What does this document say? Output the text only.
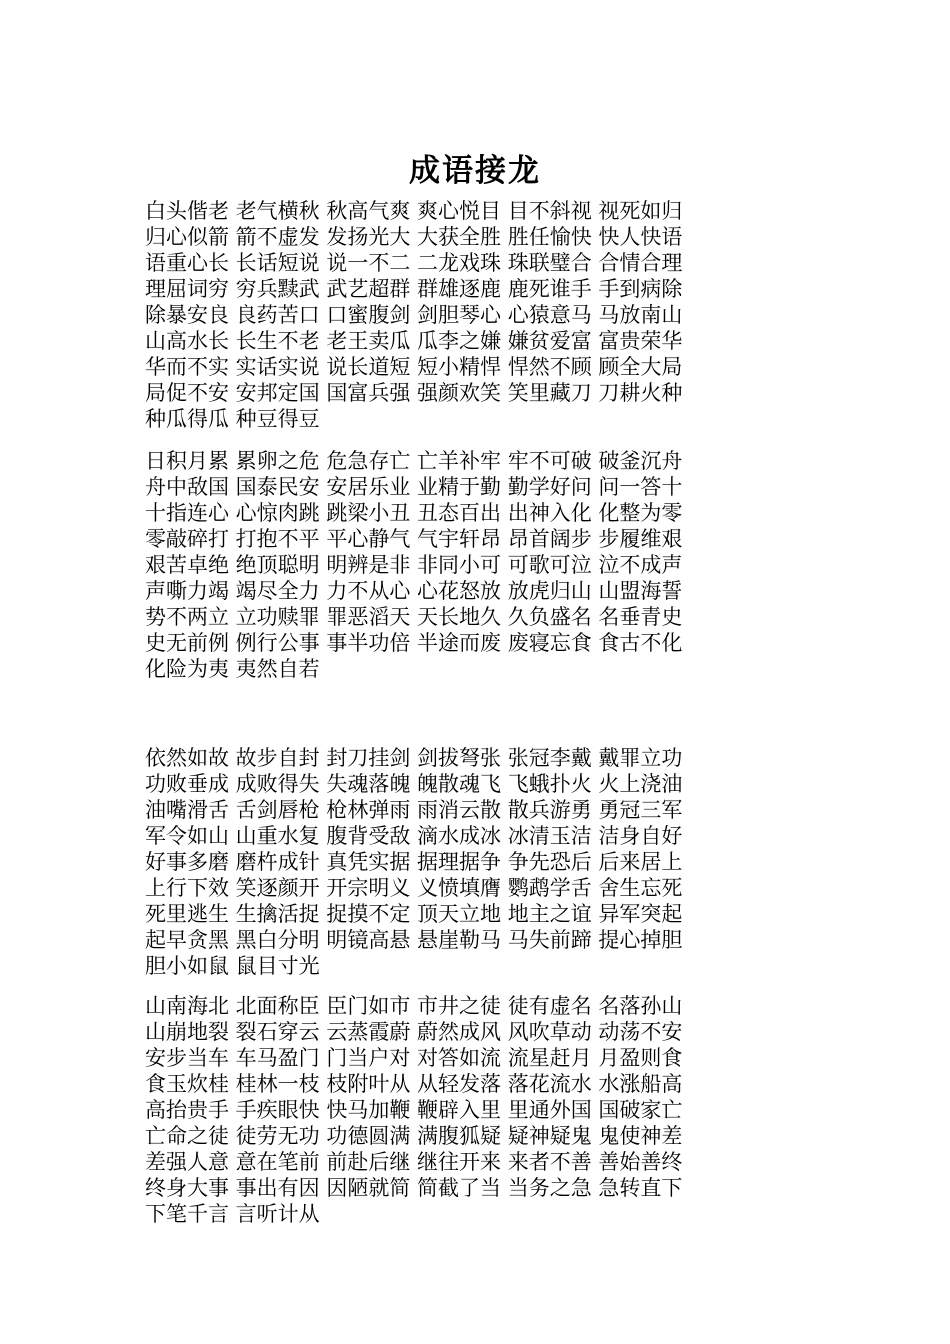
成语接龙
白头偕老 老气横秋 秋高气爽 爽心悦目 目不斜视 视死如归
归心似箭 箭不虚发 发扬光大 大获全胜 胜任愉快 快人快语
语重心长 长话短说 说一不二 二龙戏珠 珠联璧合 合情合理
理屈词穷 穷兵黩武 武艺超群 群雄逐鹿 鹿死谁手 手到病除
除暴安良 良药苦口 口蜜腹剑 剑胆琴心 心猿意马 马放南山
山高水长 长生不老 老王卖瓜 瓜李之嫌 嫌贫爱富 富贵荣华
华而不实 实话实说 说长道短 短小精悍 悍然不顾 顾全大局
局促不安 安邦定国 国富兵强 强颜欢笑 笑里藏刀 刀耕火种
种瓜得瓜 种豆得豆
日积月累 累卵之危 危急存亡 亡羊补牢 牢不可破 破釜沉舟
舟中敌国 国泰民安 安居乐业 业精于勤 勤学好问 问一答十
十指连心 心惊肉跳 跳梁小丑 丑态百出 出神入化 化整为零
零敲碎打 打抱不平 平心静气 气宇轩昂 昂首阔步 步履维艰
艰苦卓绝 绝顶聪明 明辨是非 非同小可 可歌可泣 泣不成声
声嘶力竭 竭尽全力 力不从心 心花怒放 放虎归山 山盟海誓
势不两立 立功赎罪 罪恶滔天 天长地久 久负盛名 名垂青史
史无前例 例行公事 事半功倍 半途而废 废寝忘食 食古不化
化险为夷 夷然自若
依然如故 故步自封 封刀挂剑 剑拔弩张 张冠李戴 戴罪立功
功败垂成 成败得失 失魂落魄 魄散魂飞 飞蛾扑火 火上浇油
油嘴滑舌 舌剑唇枪 枪林弹雨 雨消云散 散兵游勇 勇冠三军
军令如山 山重水复 腹背受敌 滴水成冰 冰清玉洁 洁身自好
好事多磨 磨杵成针 真凭实据 据理据争 争先恐后 后来居上
上行下效 笑逐颜开 开宗明义 义愤填膺 鹦鹉学舌 舍生忘死
死里逃生 生擒活捉 捉摸不定 顶天立地 地主之谊 异军突起
起早贪黑 黑白分明 明镜高悬 悬崖勒马 马失前蹄 提心掉胆
胆小如鼠 鼠目寸光
山南海北 北面称臣 臣门如市 市井之徒 徒有虚名 名落孙山
山崩地裂 裂石穿云 云蒸霞蔚 蔚然成风 风吹草动 动荡不安
安步当车 车马盈门 门当户对 对答如流 流星赶月 月盈则食
食玉炊桂 桂林一枝 枝附叶从 从轻发落 落花流水 水涨船高
高抬贵手 手疾眼快 快马加鞭 鞭辟入里 里通外国 国破家亡
亡命之徒 徒劳无功 功德圆满 满腹狐疑 疑神疑鬼 鬼使神差
差强人意 意在笔前 前赴后继 继往开来 来者不善 善始善终
终身大事 事出有因 因陋就简 简截了当 当务之急 急转直下
下笔千言 言听计从
